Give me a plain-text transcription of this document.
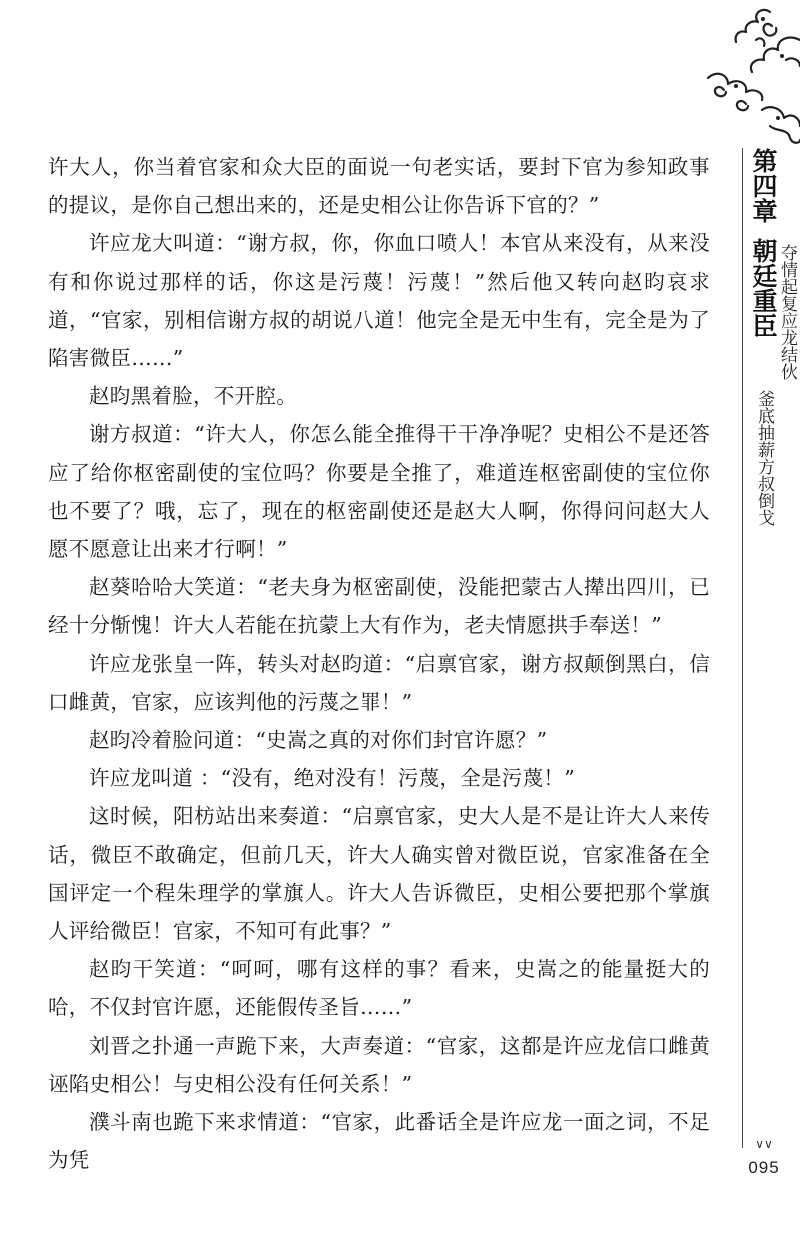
第四章
朝廷重臣 夺情起复应龙结伙
釜底抽薪方叔倒戈

许大人，你当着官家和众大臣的面说一句老实话，要封下官为参知政事的提议，是你自己想出来的，还是史相公让你告诉下官的？”

许应龙大叫道：“谢方叔，你，你血口喷人！本官从来没有，从来没有和你说过那样的话，你这是污蔑！污蔑！”然后他又转向赵昀哀求道，“官家，别相信谢方叔的胡说八道！他完全是无中生有，完全是为了陷害微臣……”

赵昀黑着脸，不开腔。

谢方叔道：“许大人，你怎么能全推得干干净净呢？史相公不是还答应了给你枢密副使的宝位吗？你要是全推了，难道连枢密副使的宝位你也不要了？哦，忘了，现在的枢密副使还是赵大人啊，你得问问赵大人愿不愿意让出来才行啊！”

赵葵哈哈大笑道：“老夫身为枢密副使，没能把蒙古人撵出四川，已经十分惭愧！许大人若能在抗蒙上大有作为，老夫情愿拱手奉送！”

许应龙张皇一阵，转头对赵昀道：“启禀官家，谢方叔颠倒黑白，信口雌黄，官家，应该判他的污蔑之罪！”

赵昀冷着脸问道：“史嵩之真的对你们封官许愿？”

许应龙叫道 ：“没有，绝对没有！污蔑，全是污蔑！”

这时候，阳枋站出来奏道：“启禀官家，史大人是不是让许大人来传话，微臣不敢确定，但前几天，许大人确实曾对微臣说，官家准备在全国评定一个程朱理学的掌旗人。许大人告诉微臣，史相公要把那个掌旗人评给微臣！官家，不知可有此事？”

赵昀干笑道：“呵呵，哪有这样的事？看来，史嵩之的能量挺大的哈，不仅封官许愿，还能假传圣旨……”

刘晋之扑通一声跪下来，大声奏道：“官家，这都是许应龙信口雌黄诬陷史相公！与史相公没有任何关系！”

濮斗南也跪下来求情道：“官家，此番话全是许应龙一面之词，不足为凭

∨∨
095
